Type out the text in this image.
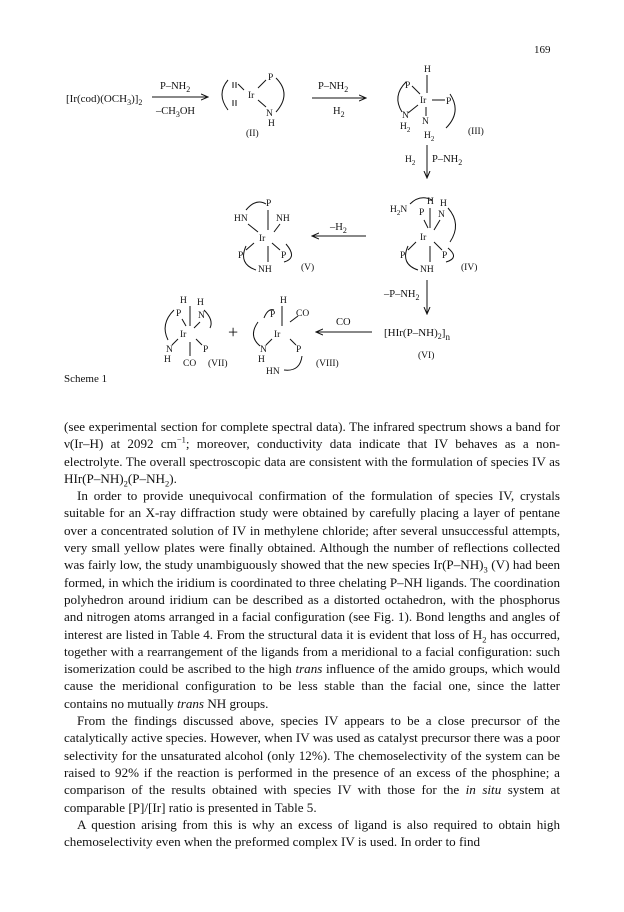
169
$[Ir(cod)(OCH_3)]_2$
$P-NH_2$
$-CH_3OH$
Ir
P
N
H
(II)
$P-NH_2$
$H_2$
H
Ir
P
P
N
$H_2$
N
$H_2$
(III)
$H_2$ $P-NH_2$
P
HN	NH
Ir
P	P
NH	(V)
$-H_2$
$H_2N$ P
H H
N
Ir
P	P
NH	(IV)
$-P-NH_2$
H H
P N
Ir
N	P
H CO (VII)
+
H
P CO
Ir
N	P
H
HN
(VIII)
CO
$[HIr(P-NH)_2]_n$
(VI)
Scheme 1

(see experimental section for complete spectral data). The infrared spectrum shows a band for ν(Ir–H) at 2092 $cm^{-1}$; moreover, conductivity data indicate that IV behaves as a non-electrolyte. The overall spectroscopic data are consistent with the formulation of species IV as $HIr(P-NH)_2(P-NH_2)$.

In order to provide unequivocal confirmation of the formulation of species IV, crystals suitable for an X-ray diffraction study were obtained by carefully placing a layer of pentane over a concentrated solution of IV in methylene chloride; after several unsuccessful attempts, very small yellow plates were finally obtained. Although the number of reflections collected was fairly low, the study unambiguously showed that the new species $Ir(P-NH)_3$ (V) had been formed, in which the iridium is coordinated to three chelating P–NH ligands. The coordination polyhedron around iridium can be described as a distorted octahedron, with the phosphorus and nitrogen atoms arranged in a facial configuration (see Fig. 1). Bond lengths and angles of interest are listed in Table 4. From the structural data it is evident that loss of $H_2$ has occurred, together with a rearrangement of the ligands from a meridional to a facial configuration: such isomerization could be ascribed to the high trans influence of the amido groups, which would cause the meridional configuration to be less stable than the facial one, since the latter contains no mutually trans NH groups.

From the findings discussed above, species IV appears to be a close precursor of the catalytically active species. However, when IV was used as catalyst precursor there was a poor selectivity for the unsaturated alcohol (only 12%). The chemoselectivity of the system can be raised to 92% if the reaction is performed in the presence of an excess of the phosphine; a comparison of the results obtained with species IV with those for the in situ system at comparable [P]/[Ir] ratio is presented in Table 5.

A question arising from this is why an excess of ligand is also required to obtain high chemoselectivity even when the preformed complex IV is used. In order to find
